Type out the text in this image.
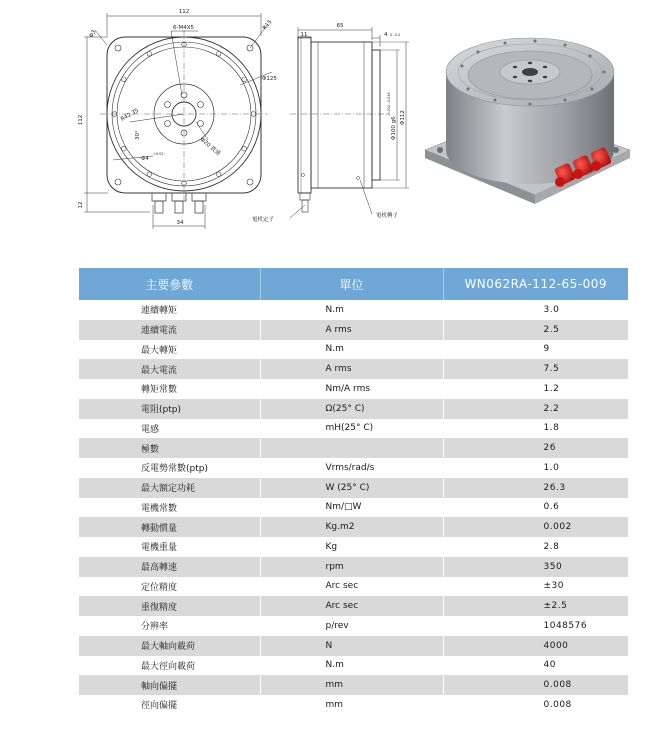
112
112
12
34
6-M4X5	R15
Φ125
R42.35
30°
Φ20 貫通
Φ4
+0.02
Φ3
65
11	4 0 -0.2
Φ100 g6
-0.012 -0.034
Φ112
電机定子
電机轉子
主要參數	單位	WN062RA-112-65-009
連續轉矩	N.m	3.0
連續電流	A rms	2.5
最大轉矩	N.m	9
最大電流	A rms	7.5
轉矩常數	Nm/A rms	1.2
電阻(ptp)	Ω(25° C)	2.2
電感	mH(25° C)	1.8
極數		26
反電勢常數(ptp)	Vrms/rad/s	1.0
最大額定功耗	W (25° C)	26.3
電機常數	Nm/□W	0.6
轉動慣量	Kg.m2	0.002
電機重量	Kg	2.8
最高轉速	rpm	350
定位精度	Arc sec	±30
重復精度	Arc sec	±2.5
分辨率	p/rev	1048576
最大軸向載荷	N	4000
最大徑向載荷	N.m	40
軸向偏擺	mm	0.008
徑向偏擺	mm	0.008
